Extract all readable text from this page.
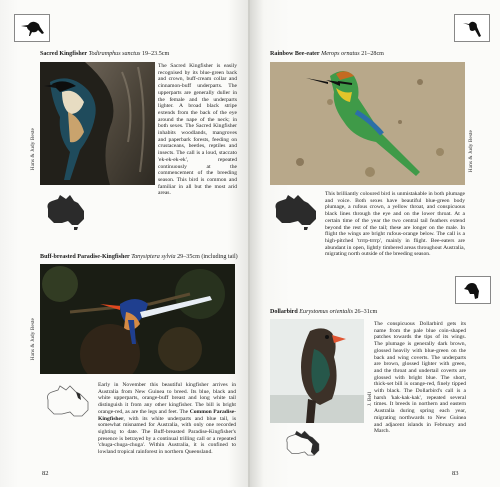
Sacred Kingfisher Todiramphus sanctus 19–23.5cm
Hans & Judy Beste
The Sacred Kingfisher is easily recognised by its blue-green back and crown, buff-cream collar and cinnamon-buff underparts. The upperparts are generally duller in the female and the underparts lighter. A broad black stripe extends from the back of the eye around the nape of the neck; in both sexes. The Sacred Kingfisher inhabits woodlands, mangroves and paperbark forests, feeding on crustaceans, beetles, reptiles and insects. The call is a loud, staccato 'ek-ek-ek-ek', repeated continuously at the commencement of the breeding season. This bird is common and familiar in all but the most arid areas.
Buff-breasted Paradise-Kingfisher Tanysiptera sylvia 29–35cm (including tail)
Hans & Judy Beste
Early in November this beautiful kingfisher arrives in Australia from New Guinea to breed. Its blue, black and white upperparts, orange-buff breast and long white tail distinguish it from any other kingfisher. The bill is bright orange-red, as are the legs and feet. The Common Paradise-Kingfisher, with its white underparts and blue tail, is somewhat misnamed for Australia, with only one recorded sighting to date. The Buff-breasted Paradise-Kingfisher's presence is betrayed by a continual trilling call or a repeated 'chuga-chuga-chuga'. Within Australia, it is confined to lowland tropical rainforest in northern Queensland.
82
Rainbow Bee-eater Merops ornatus 21–28cm
Hans & Judy Beste
This brilliantly coloured bird is unmistakable in both plumage and voice. Both sexes have beautiful blue-green body plumage, a rufous crown, a yellow throat, and conspicuous black lines through the eye and on the lower throat. At a certain time of the year the two central tail feathers extend beyond the rest of the tail; these are longer on the male. In flight the wings are bright rufous-orange below. The call is a high-pitched 'trrrp-trrrp', mainly in flight. Bee-eaters are abundant in open, lightly timbered areas throughout Australia, migrating north outside of the breeding season.
Dollarbird Eurystomus orientalis 26–31cm
J. Bell
The conspicuous Dollarbird gets its name from the pale blue coin-shaped patches towards the tips of its wings. The plumage is generally dark brown, glossed heavily with blue-green on the back and wing coverts. The underparts are brown, glossed lighter with green, and the throat and undertail coverts are glossed with bright blue. The short, thick-set bill is orange-red, finely tipped with black. The Dollarbird's call is a harsh 'kak-kak-kak', repeated several times. It breeds in northern and eastern Australia during spring each year, migrating northwards to New Guinea and adjacent islands in February and March.
83
